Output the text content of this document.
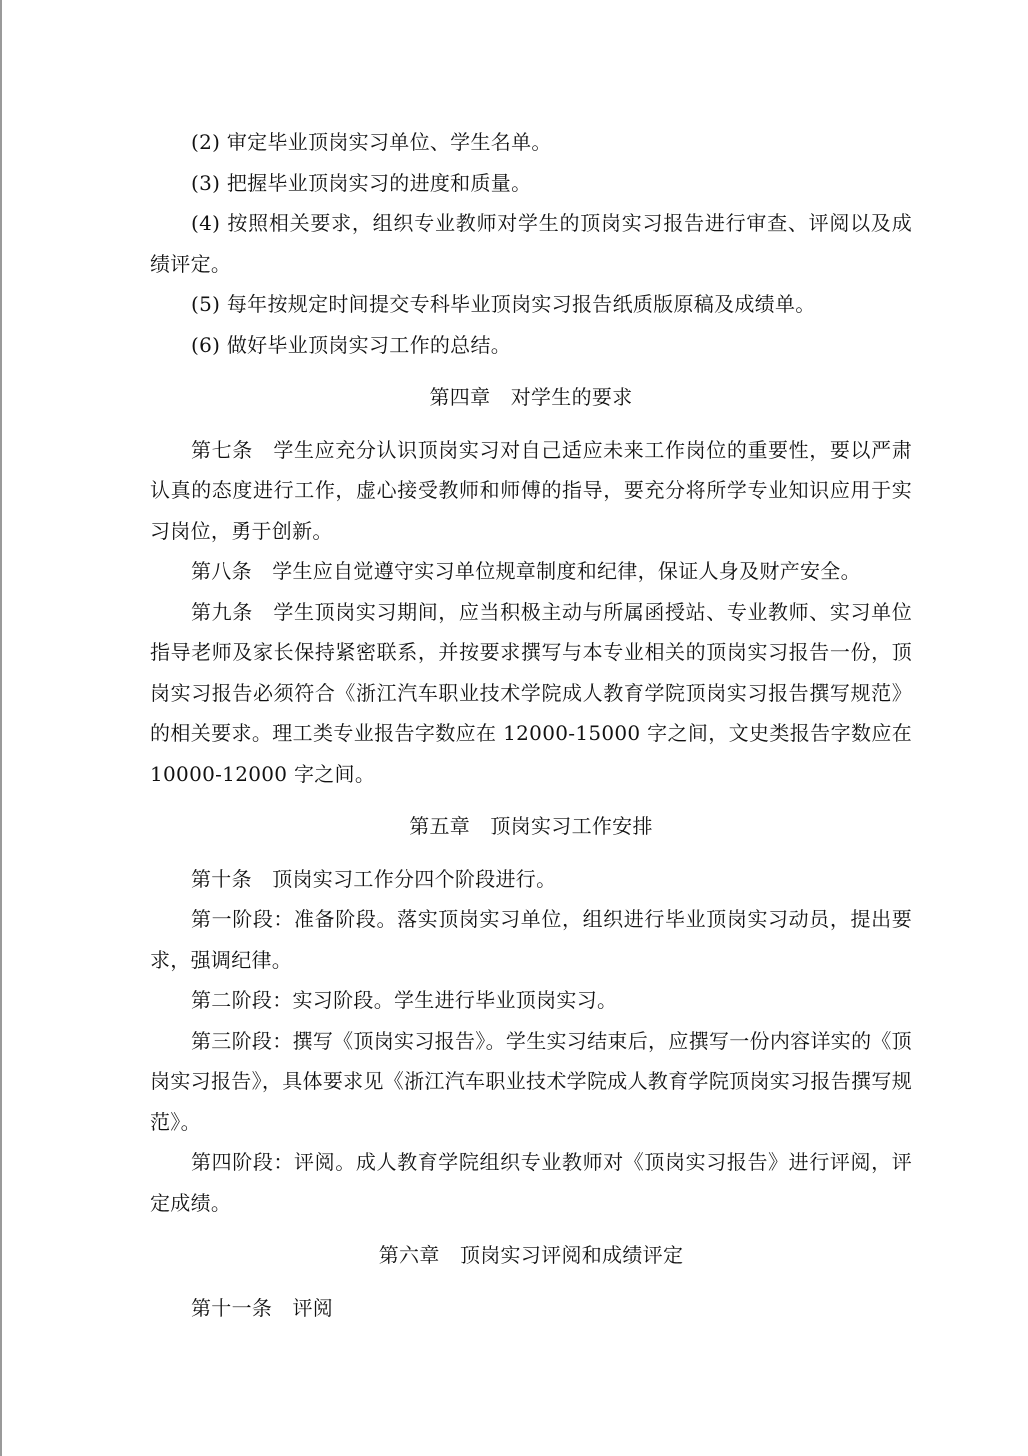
(2) 审定毕业顶岗实习单位、学生名单。

(3) 把握毕业顶岗实习的进度和质量。

(4) 按照相关要求，组织专业教师对学生的顶岗实习报告进行审查、评阅以及成绩评定。

(5) 每年按规定时间提交专科毕业顶岗实习报告纸质版原稿及成绩单。

(6) 做好毕业顶岗实习工作的总结。

第四章　对学生的要求

第七条　学生应充分认识顶岗实习对自己适应未来工作岗位的重要性，要以严肃认真的态度进行工作，虚心接受教师和师傅的指导，要充分将所学专业知识应用于实习岗位，勇于创新。

第八条　学生应自觉遵守实习单位规章制度和纪律，保证人身及财产安全。

第九条　学生顶岗实习期间，应当积极主动与所属函授站、专业教师、实习单位指导老师及家长保持紧密联系，并按要求撰写与本专业相关的顶岗实习报告一份，顶岗实习报告必须符合《浙江汽车职业技术学院成人教育学院顶岗实习报告撰写规范》的相关要求。理工类专业报告字数应在 12000-15000 字之间，文史类报告字数应在 10000-12000 字之间。

第五章　顶岗实习工作安排

第十条　顶岗实习工作分四个阶段进行。

第一阶段：准备阶段。落实顶岗实习单位，组织进行毕业顶岗实习动员，提出要求，强调纪律。

第二阶段：实习阶段。学生进行毕业顶岗实习。

第三阶段：撰写《顶岗实习报告》。学生实习结束后，应撰写一份内容详实的《顶岗实习报告》，具体要求见《浙江汽车职业技术学院成人教育学院顶岗实习报告撰写规范》。

第四阶段：评阅。成人教育学院组织专业教师对《顶岗实习报告》进行评阅，评定成绩。

第六章　顶岗实习评阅和成绩评定

第十一条　评阅
